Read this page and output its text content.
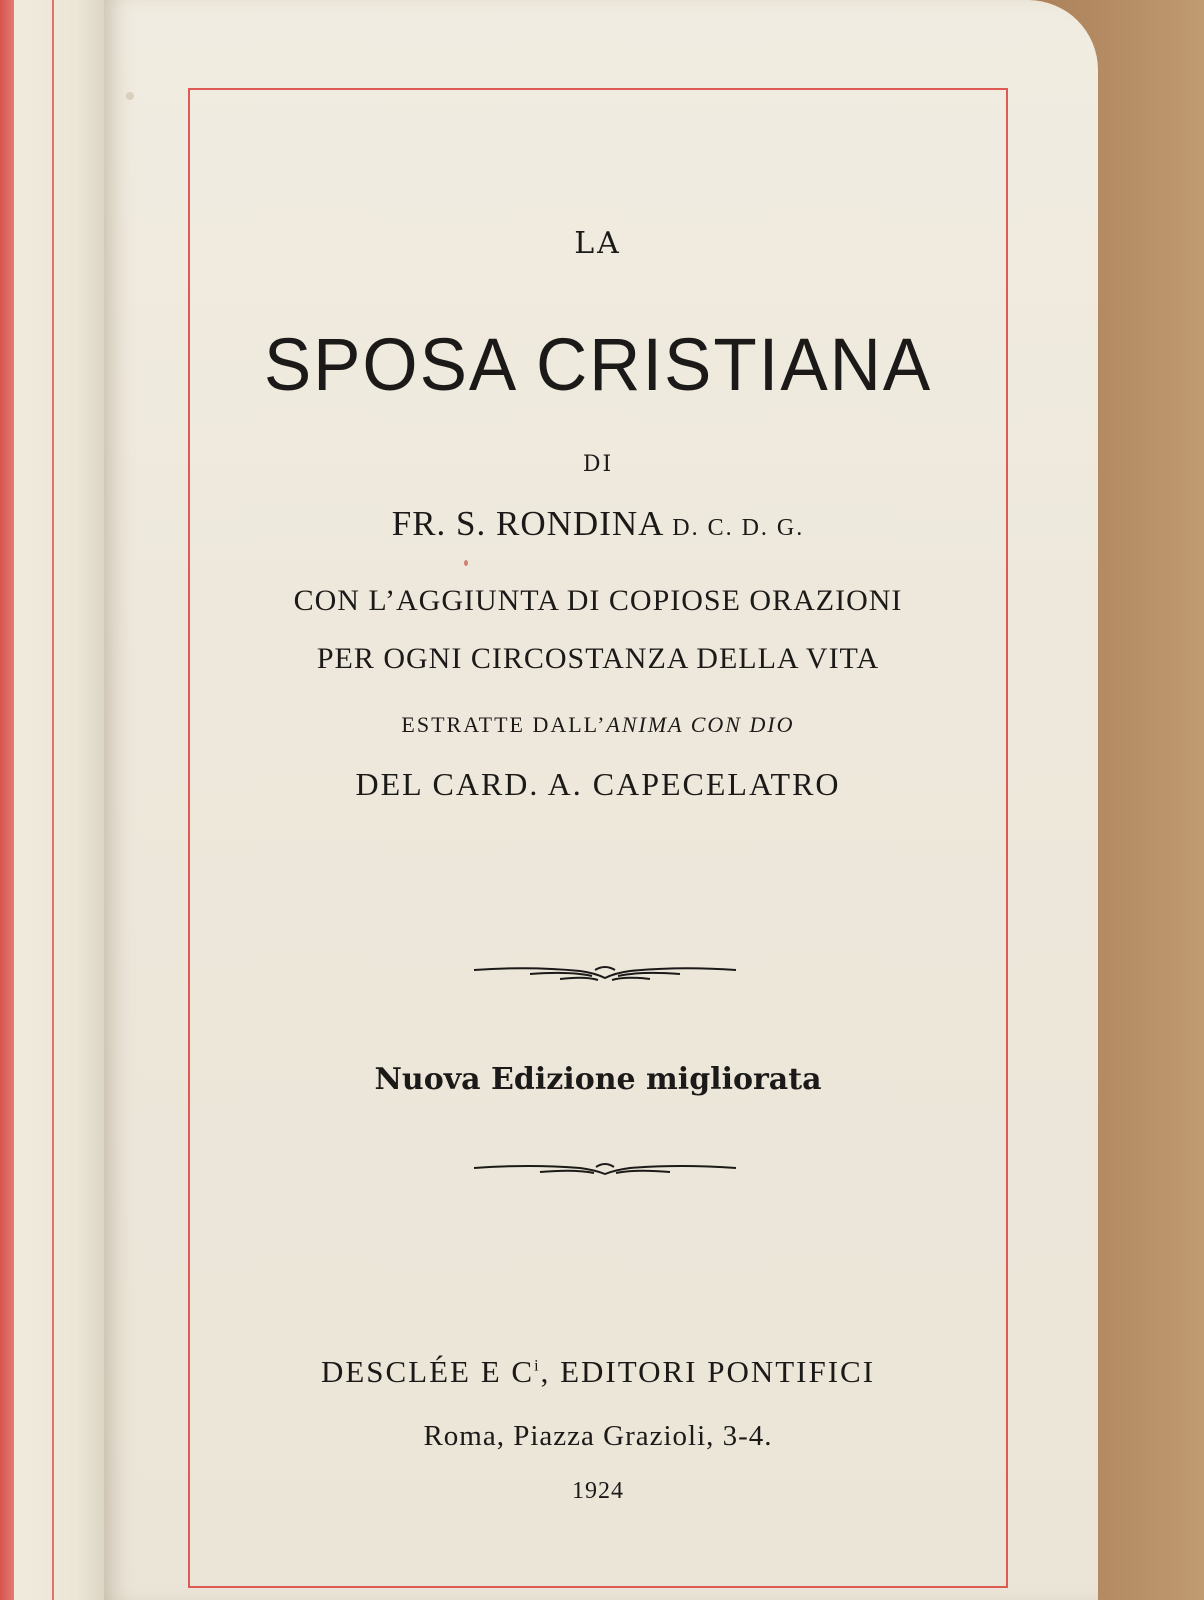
LA
SPOSA CRISTIANA
DI
FR. S. RONDINA D. C. D. G.
CON L’AGGIUNTA DI COPIOSE ORAZIONI
PER OGNI CIRCOSTANZA DELLA VITA
ESTRATTE DALL’ANIMA CON DIO
DEL CARD. A. CAPECELATRO
Nuova Edizione migliorata
DESCLÉE E $C^i$, EDITORI PONTIFICI
Roma, Piazza Grazioli, 3-4.
1924
